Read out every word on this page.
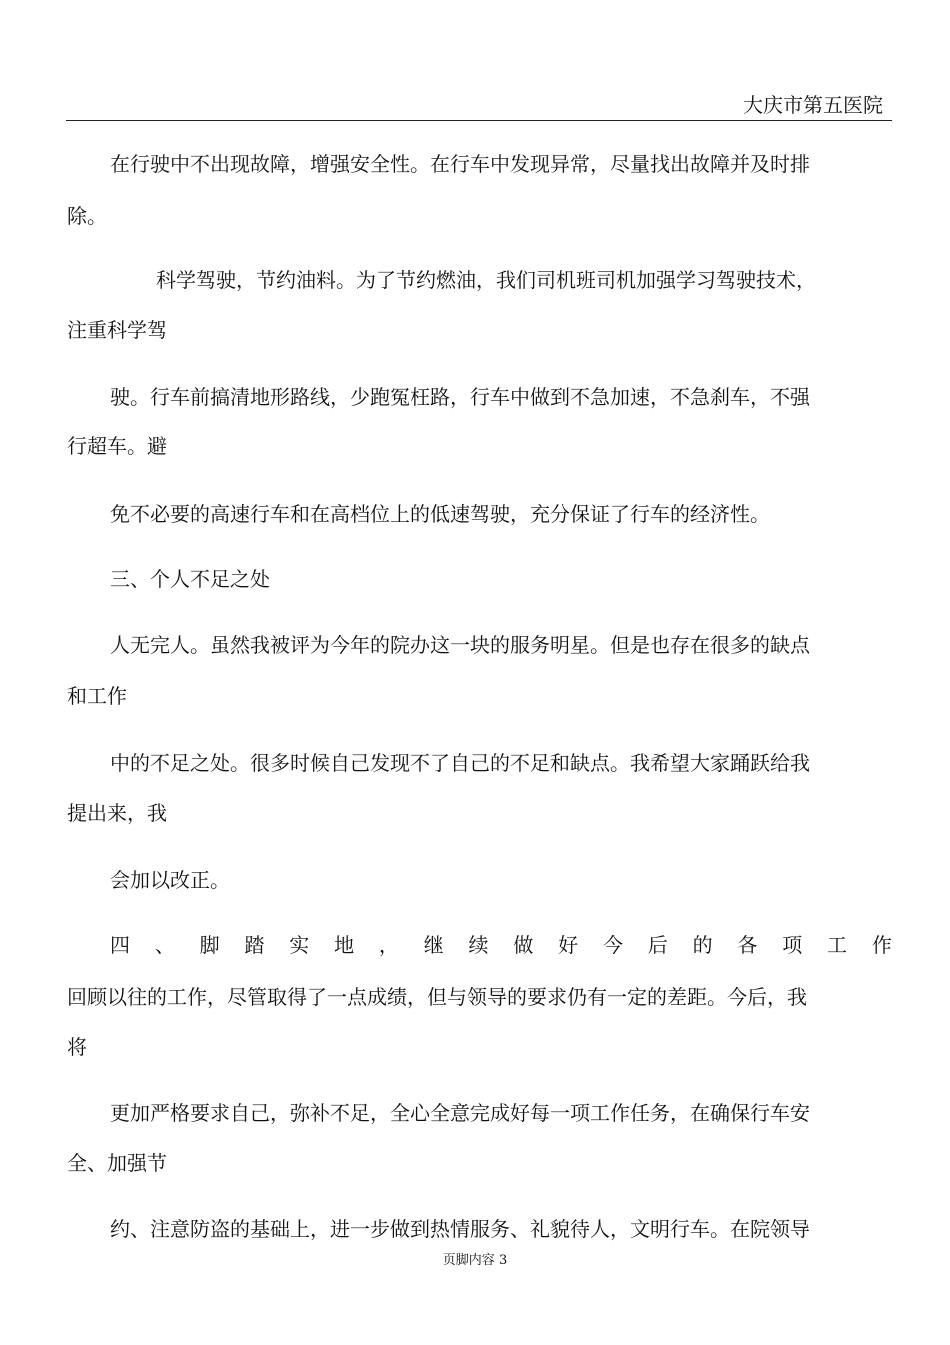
大庆市第五医院
在行驶中不出现故障，增强安全性。在行车中发现异常，尽量找出故障并及时排
除。
科学驾驶，节约油料。为了节约燃油，我们司机班司机加强学习驾驶技术，
注重科学驾
驶。行车前搞清地形路线，少跑冤枉路，行车中做到不急加速，不急刹车，不强
行超车。避
免不必要的高速行车和在高档位上的低速驾驶，充分保证了行车的经济性。
三、个人不足之处
人无完人。虽然我被评为今年的院办这一块的服务明星。但是也存在很多的缺点
和工作
中的不足之处。很多时候自己发现不了自己的不足和缺点。我希望大家踊跃给我
提出来，我
会加以改正。
四 、 脚 踏 实 地 ， 继 续 做 好 今 后 的 各 项 工 作
回顾以往的工作，尽管取得了一点成绩，但与领导的要求仍有一定的差距。今后，我
将
更加严格要求自己，弥补不足，全心全意完成好每一项工作任务，在确保行车安
全、加强节
约、注意防盗的基础上，进一步做到热情服务、礼貌待人，文明行车。在院领导
页脚内容 3
